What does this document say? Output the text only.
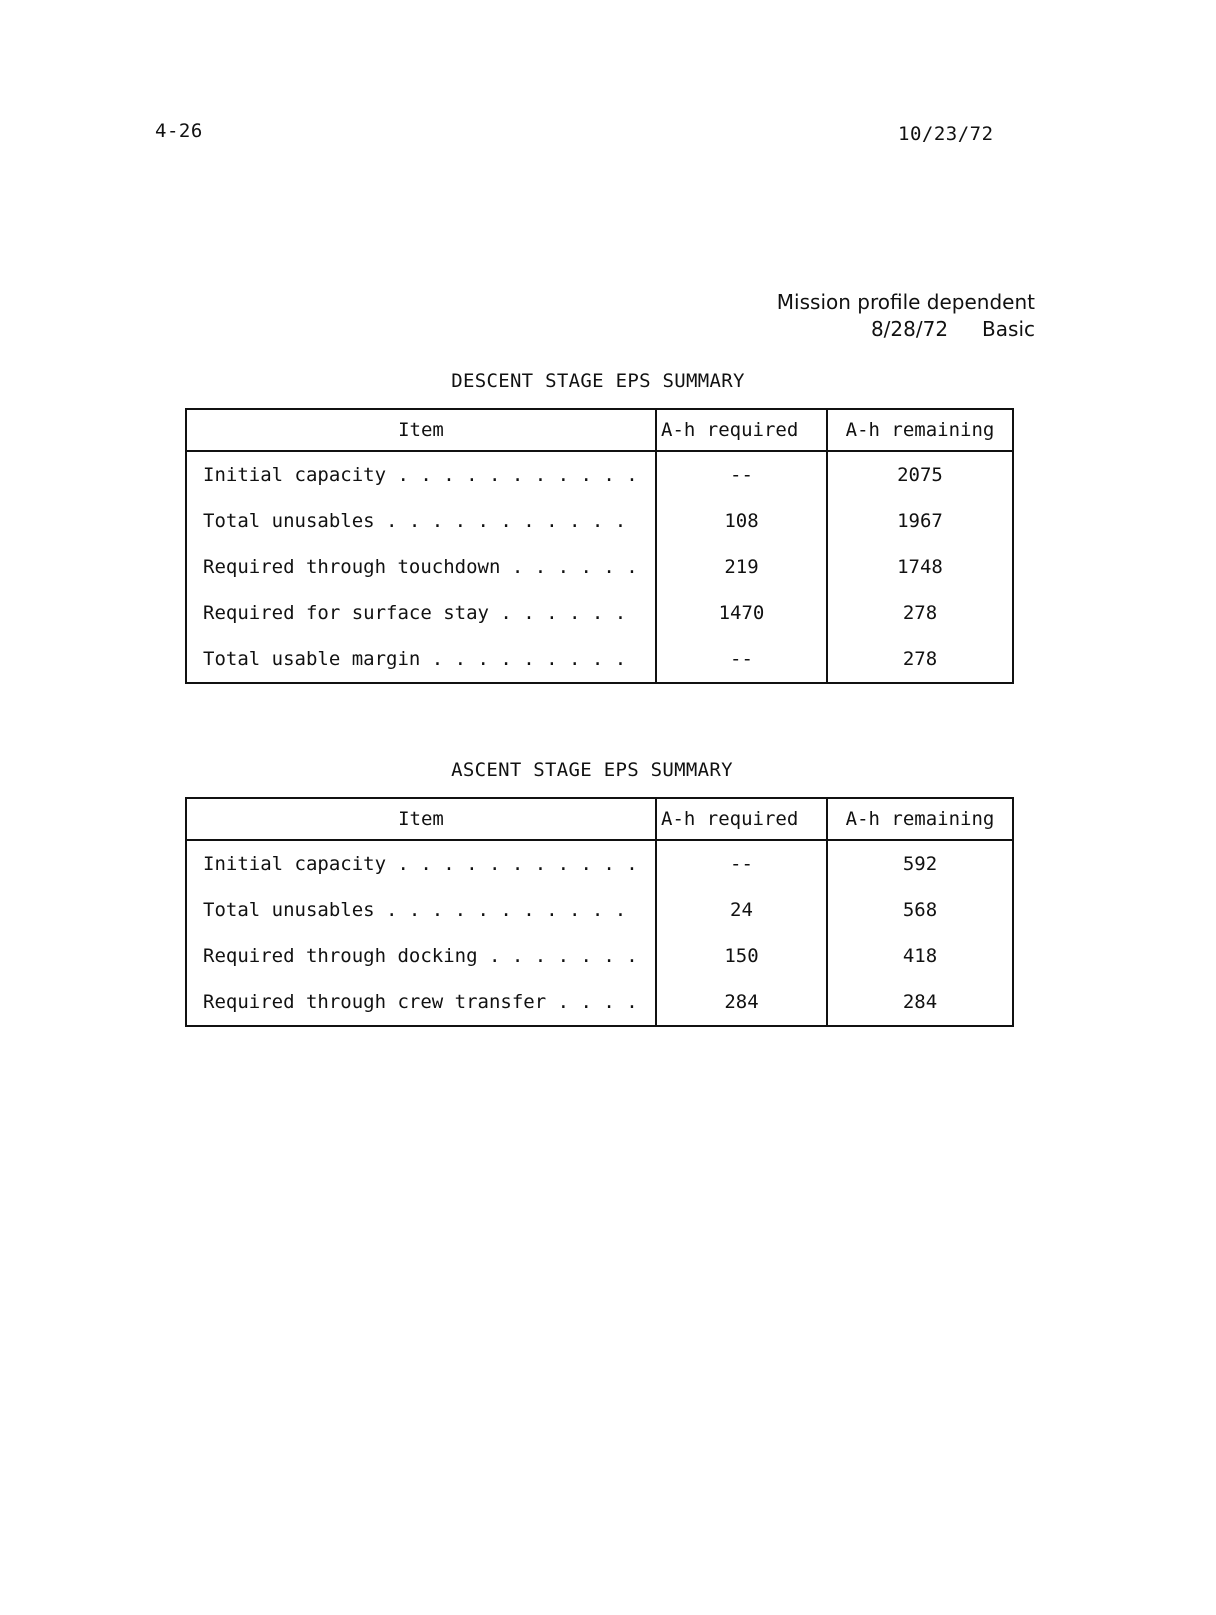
4-26	10/23/72
Mission profile dependent
8/28/72 Basic
DESCENT STAGE EPS SUMMARY
Item	A-h required	A-h remaining
Initial capacity . . . . . . . . . . .	--	2075
Total unusables . . . . . . . . . . .	108	1967
Required through touchdown . . . . . .	219	1748
Required for surface stay . . . . . .	1470	278
Total usable margin . . . . . . . . .	--	278
ASCENT STAGE EPS SUMMARY
Item	A-h required	A-h remaining
Initial capacity . . . . . . . . . . .	--	592
Total unusables . . . . . . . . . . .	24	568
Required through docking . . . . . . .	150	418
Required through crew transfer . . . .	284	284
